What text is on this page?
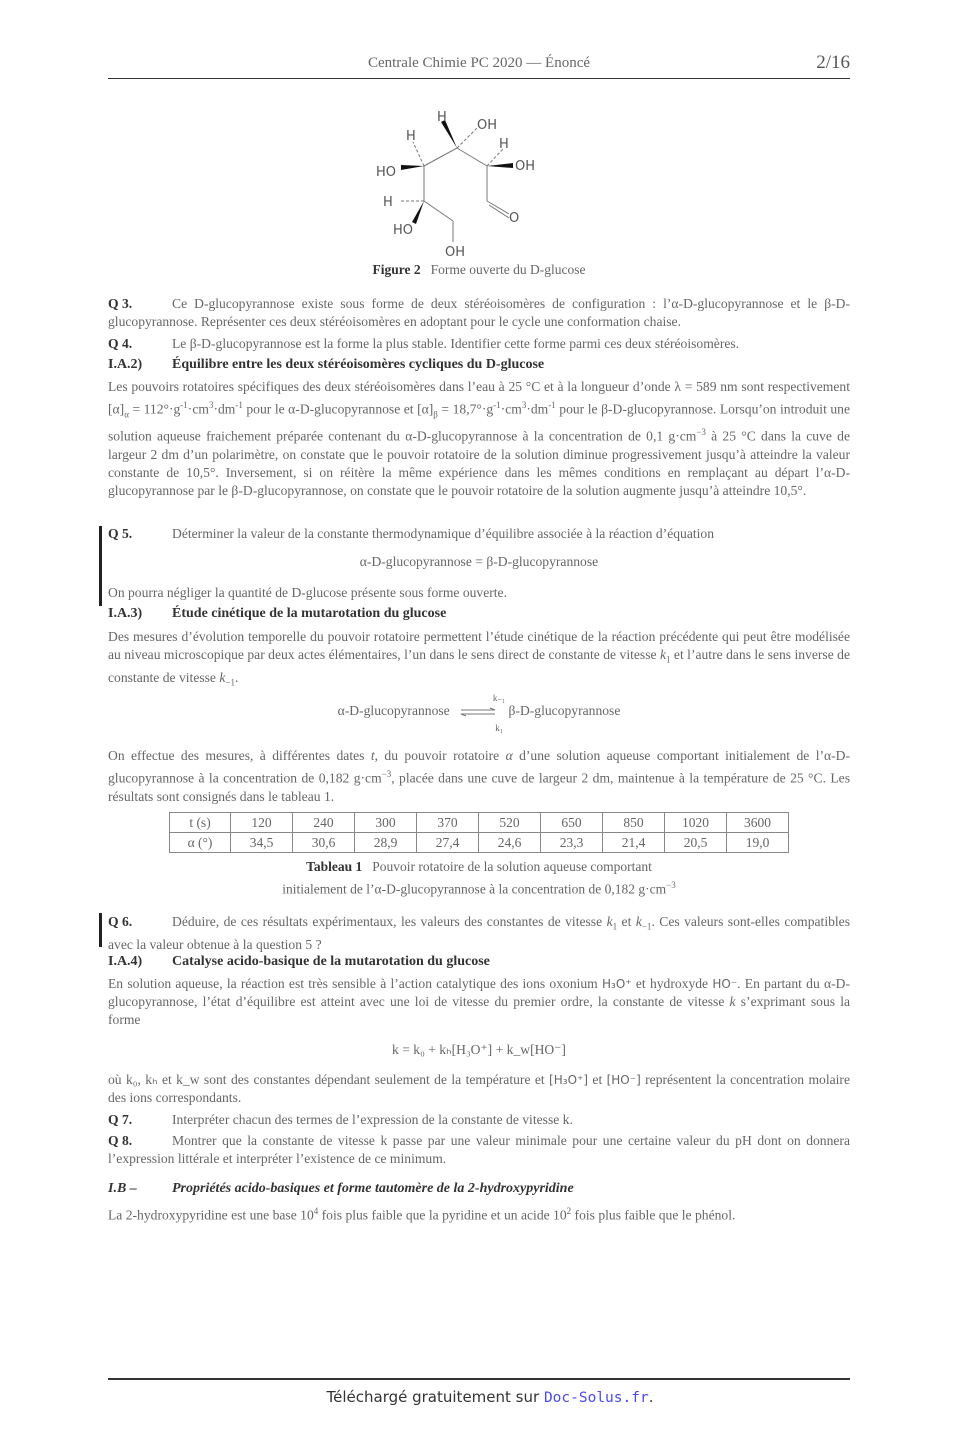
Centrale Chimie PC 2020 — Énoncé	2/16
H
H
H
H
OH
OH
HO
HO
OH
O
Figure 2 Forme ouverte du D-glucose
Q 3.	Ce D-glucopyrannose existe sous forme de deux stéréoisomères de configuration : l’α-D-glucopyrannose et le β-D-glucopyrannose. Représenter ces deux stéréoisomères en adoptant pour le cycle une conformation chaise.
Q 4.	Le β-D-glucopyrannose est la forme la plus stable. Identifier cette forme parmi ces deux stéréoisomères.
I.A.2) Équilibre entre les deux stéréoisomères cycliques du D-glucose
Les pouvoirs rotatoires spécifiques des deux stéréoisomères dans l’eau à 25 °C et à la longueur d’onde λ = 589 nm sont respectivement $[\alpha]_\alpha = 112^\circ\cdot g^{-1}\cdot cm^3\cdot dm^{-1}$ pour le α-D-glucopyrannose et $[\alpha]_\beta = 18,7^\circ\cdot g^{-1}\cdot cm^3\cdot dm^{-1}$ pour le β-D-glucopyrannose. Lorsqu’on introduit une solution aqueuse fraichement préparée contenant du α-D-glucopyrannose à la concentration de 0,1 $g\cdot cm^{-3}$ à 25 °C dans la cuve de largeur 2 dm d’un polarimètre, on constate que le pouvoir rotatoire de la solution diminue progressivement jusqu’à atteindre la valeur constante de 10,5°. Inversement, si on réitère la même expérience dans les mêmes conditions en remplaçant au départ l’α-D-glucopyrannose par le β-D-glucopyrannose, on constate que le pouvoir rotatoire de la solution augmente jusqu’à atteindre 10,5°.
Q 5.	Déterminer la valeur de la constante thermodynamique d’équilibre associée à la réaction d’équation
α-D-glucopyrannose = β-D-glucopyrannose
On pourra négliger la quantité de D-glucose présente sous forme ouverte.
I.A.3) Étude cinétique de la mutarotation du glucose
Des mesures d’évolution temporelle du pouvoir rotatoire permettent l’étude cinétique de la réaction précédente qui peut être modélisée au niveau microscopique par deux actes élémentaires, l’un dans le sens direct de constante de vitesse $k_1$ et l’autre dans le sens inverse de constante de vitesse $k_{-1}$.
α-D-glucopyrannose
k₋₁
k₁
β-D-glucopyrannose
On effectue des mesures, à différentes dates t, du pouvoir rotatoire α d’une solution aqueuse comportant initialement de l’α-D-glucopyrannose à la concentration de 0,182 $g\cdot cm^{-3}$, placée dans une cuve de largeur 2 dm, maintenue à la température de 25 °C. Les résultats sont consignés dans le tableau 1.
t (s)	120	240	300	370	520	650	850	1020	3600
α (°)	34,5	30,6	28,9	27,4	24,6	23,3	21,4	20,5	19,0
Tableau 1 Pouvoir rotatoire de la solution aqueuse comportant
initialement de l’α-D-glucopyrannose à la concentration de 0,182 $g\cdot cm^{-3}$
Q 6.	Déduire, de ces résultats expérimentaux, les valeurs des constantes de vitesse $k_1$ et $k_{-1}$. Ces valeurs sont-elles compatibles avec la valeur obtenue à la question 5 ?
I.A.4) Catalyse acido-basique de la mutarotation du glucose
En solution aqueuse, la réaction est très sensible à l’action catalytique des ions oxonium H₃O⁺ et hydroxyde HO⁻. En partant du α-D-glucopyrannose, l’état d’équilibre est atteint avec une loi de vitesse du premier ordre, la constante de vitesse k s’exprimant sous la forme
k = k₀ + kₕ[H₃O⁺] + k_w[HO⁻]
où k₀, kₕ et k_w sont des constantes dépendant seulement de la température et [H₃O⁺] et [HO⁻] représentent la concentration molaire des ions correspondants.
Q 7.	Interpréter chacun des termes de l’expression de la constante de vitesse k.
Q 8.	Montrer que la constante de vitesse k passe par une valeur minimale pour une certaine valeur du pH dont on donnera l’expression littérale et interpréter l’existence de ce minimum.
I.B –	Propriétés acido-basiques et forme tautomère de la 2-hydroxypyridine
La 2-hydroxypyridine est une base $10^4$ fois plus faible que la pyridine et un acide $10^2$ fois plus faible que le phénol.
Téléchargé gratuitement sur Doc-Solus.fr.
